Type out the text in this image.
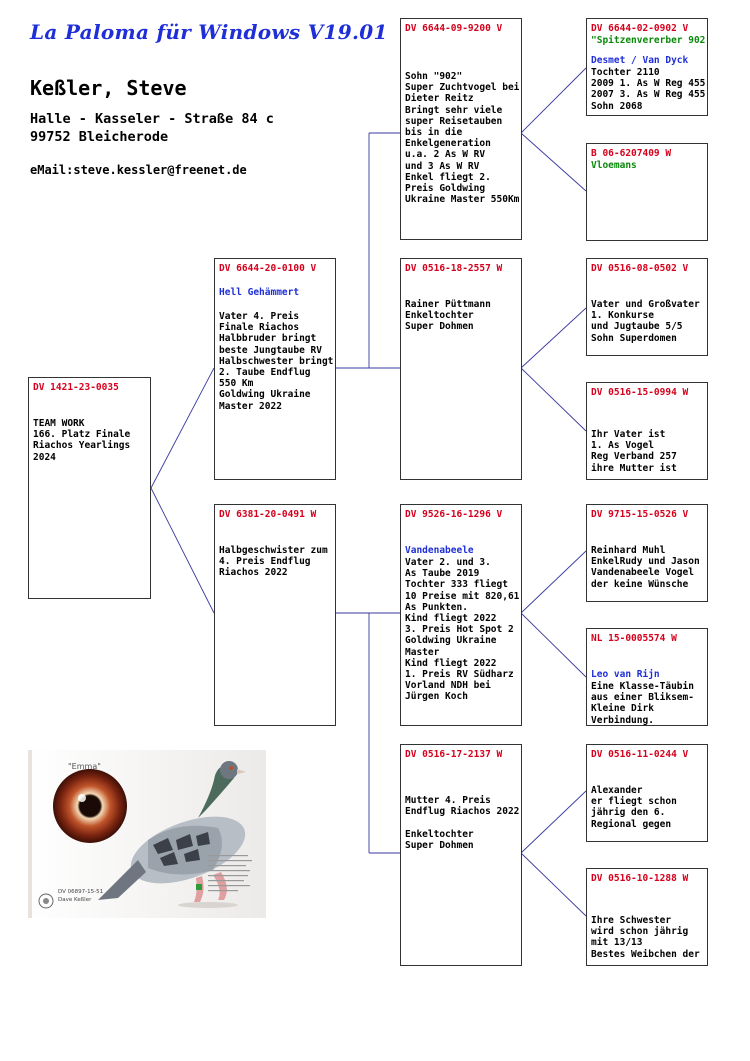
La Paloma für Windows V19.01
Keßler, Steve
Halle - Kasseler - Straße 84 c
99752 Bleicherode
eMail:steve.kessler@freenet.de
DV 1421-23-0035
TEAM WORK
166. Platz Finale
Riachos Yearlings
2024
DV 6644-20-0100 V
Hell Gehämmert
Vater 4. Preis
Finale Riachos
Halbbruder bringt
beste Jungtaube RV
Halbschwester bringt
2. Taube Endflug
550 Km
Goldwing Ukraine
Master 2022
DV 6381-20-0491 W
Halbgeschwister zum
4. Preis Endflug
Riachos 2022
DV 6644-09-9200 V
Sohn "902"
Super Zuchtvogel bei
Dieter Reitz
Bringt sehr viele
super Reisetauben
bis in die
Enkelgeneration
u.a. 2 As W RV
und 3 As W RV
Enkel fliegt 2.
Preis Goldwing
Ukraine Master 550Km
DV 0516-18-2557 W
Rainer Püttmann
Enkeltochter
Super Dohmen
DV 9526-16-1296 V
Vandenabeele
Vater 2. und 3.
As Taube 2019
Tochter 333 fliegt
10 Preise mit 820,61
As Punkten.
Kind fliegt 2022
3. Preis Hot Spot 2
Goldwing Ukraine
Master
Kind fliegt 2022
1. Preis RV Südharz
Vorland NDH bei
Jürgen Koch
DV 0516-17-2137 W
Mutter 4. Preis
Endflug Riachos 2022

Enkeltochter
Super Dohmen
DV 6644-02-0902 V
"Spitzenvererber 902
Desmet / Van Dyck
Tochter 2110
2009 1. As W Reg 455
2007 3. As W Reg 455
Sohn 2068
B 06-6207409 W
Vloemans
DV 0516-08-0502 V
Vater und Großvater
1. Konkurse
und Jugtaube 5/5
Sohn Superdomen
DV 0516-15-0994 W
Ihr Vater ist
1. As Vogel
Reg Verband 257
ihre Mutter ist
DV 9715-15-0526 V
Reinhard Muhl
EnkelRudy und Jason
Vandenabeele Vogel
der keine Wünsche
NL 15-0005574 W
Leo van Rijn
Eine Klasse-Täubin
aus einer Bliksem-
Kleine Dirk
Verbindung.
DV 0516-11-0244 V
Alexander
er fliegt schon
jährig den 6.
Regional gegen
DV 0516-10-1288 W
Ihre Schwester
wird schon jährig
mit 13/13
Bestes Weibchen der
"Emma"
DV 06897-15-51
Dave Keßler
